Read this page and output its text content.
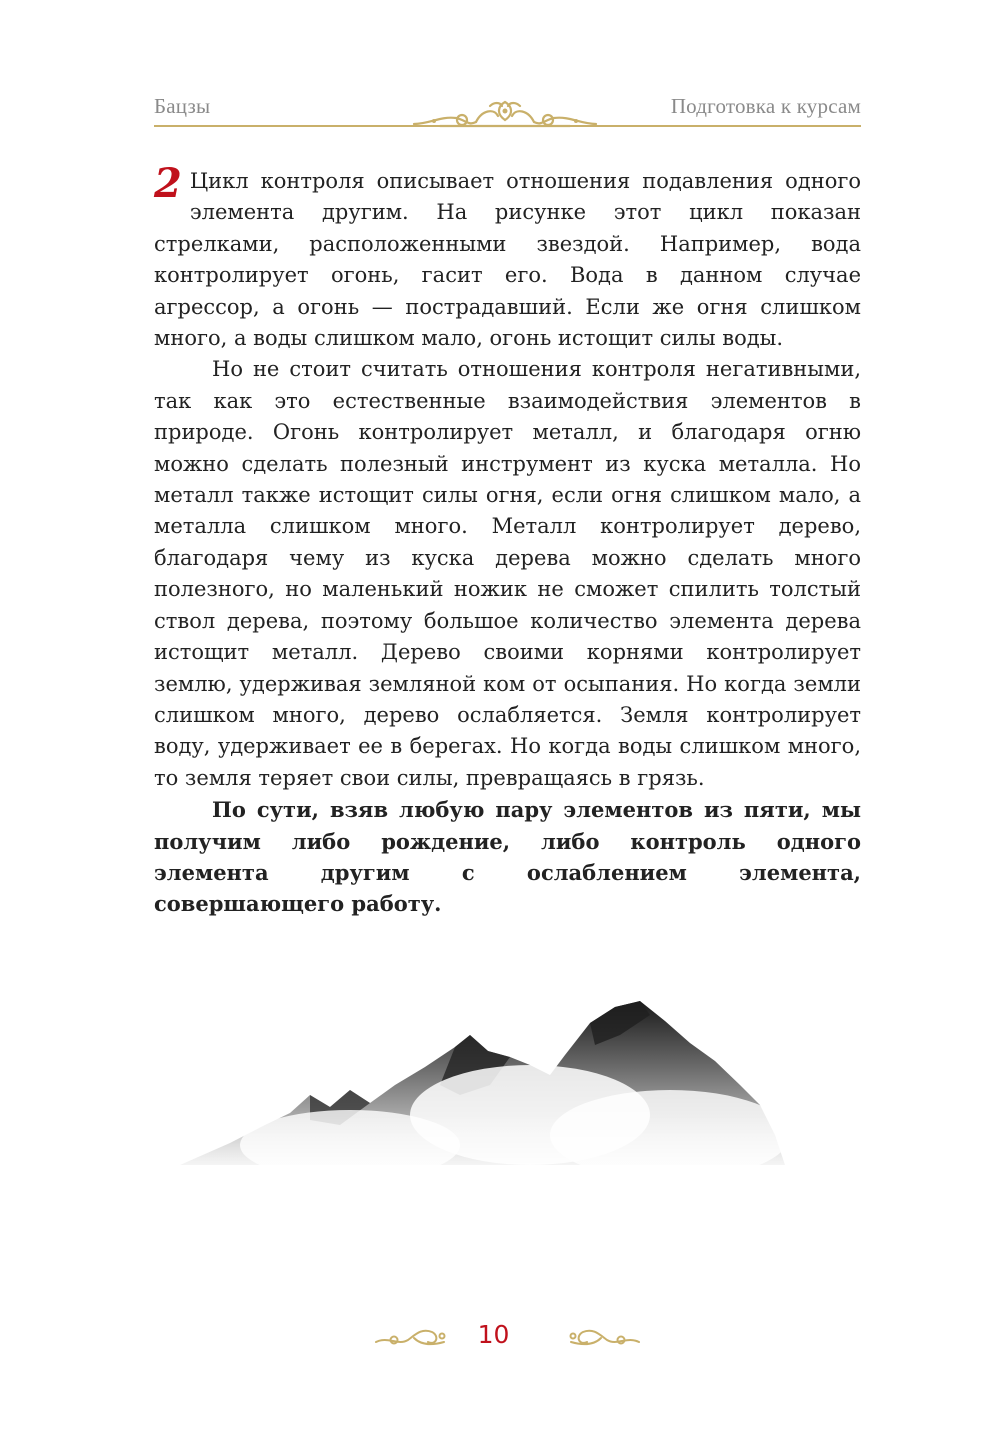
Бацзы	Подготовка к курсам

2 Цикл контроля описывает отношения подавления одного элемента другим. На рисунке этот цикл показан стрелками, расположенными звездой. Например, вода контролирует огонь, гасит его. Вода в данном случае агрессор, а огонь — пострадавший. Если же огня слишком много, а воды слишком мало, огонь истощит силы воды.

Но не стоит считать отношения контроля негативными, так как это естественные взаимодействия элементов в природе. Огонь контролирует металл, и благодаря огню можно сделать полезный инструмент из куска металла. Но металл также истощит силы огня, если огня слишком мало, а металла слишком много. Металл контролирует дерево, благодаря чему из куска дерева можно сделать много полезного, но маленький ножик не сможет спилить толстый ствол дерева, поэтому большое количество элемента дерева истощит металл. Дерево своими корнями контролирует землю, удерживая земляной ком от осыпания. Но когда земли слишком много, дерево ослабляется. Земля контролирует воду, удерживает ее в берегах. Но когда воды слишком много, то земля теряет свои силы, превращаясь в грязь.

По сути, взяв любую пару элементов из пяти, мы получим либо рождение, либо контроль одного элемента другим с ослаблением элемента, совершающего работу.

10
